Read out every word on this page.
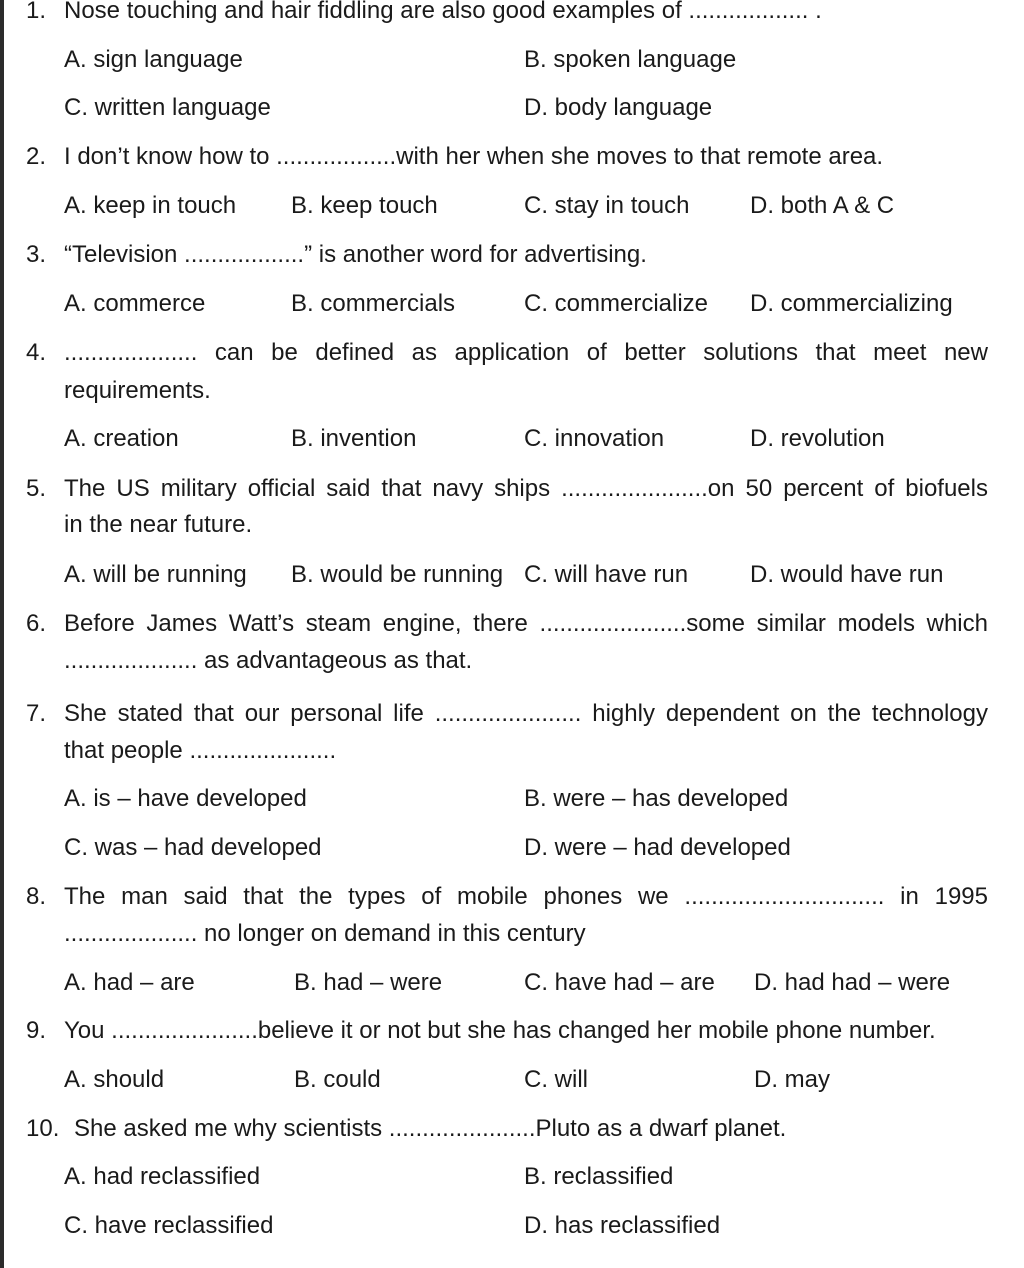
1. Nose touching and hair fiddling are also good examples of .................. .
A. sign language	B. spoken language
C. written language	D. body language
2. I don’t know how to ..................with her when she moves to that remote area.
A. keep in touch B. keep touch	C. stay in touch	D. both A & C
3. “Television ..................” is another word for advertising.
A. commerce	B. commercials	C. commercialize D. commercializing
4. .................... can be defined as application of better solutions that meet new
requirements.
A. creation	B. invention	C. innovation	D. revolution
5. The US military official said that navy ships ......................on 50 percent of biofuels
in the near future.
A. will be running B. would be running C. will have run	D. would have run
6. Before James Watt’s steam engine, there ......................some similar models which
.................... as advantageous as that.
7. She stated that our personal life ...................... highly dependent on the technology
that people ......................
A. is – have developed	B. were – has developed
C. was – had developed	D. were – had developed
8. The man said that the types of mobile phones we .............................. in 1995
.................... no longer on demand in this century
A. had – are	B. had – were	C. have had – are D. had had – were
9. You ......................believe it or not but she has changed her mobile phone number.
A. should	B. could	C. will	D. may
10. She asked me why scientists ......................Pluto as a dwarf planet.
A. had reclassified	B. reclassified
C. have reclassified	D. has reclassified
